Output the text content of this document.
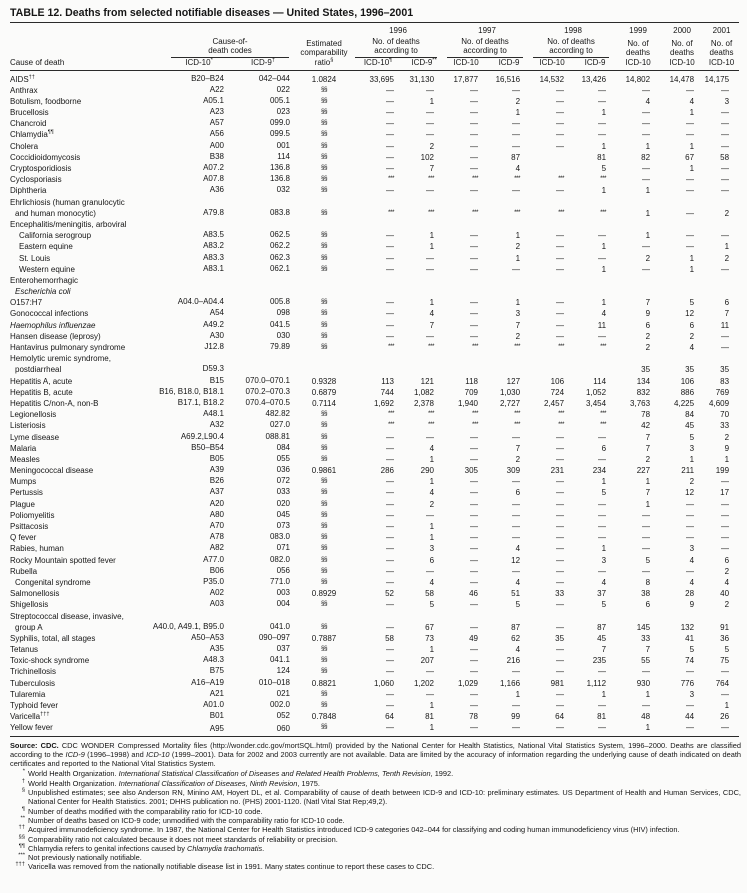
TABLE 12. Deaths from selected notifiable diseases — United States, 1996–2001
				1996		1997		1998		1999	2000	2001

Cause-of-
death codes

Estimated
comparability

No. of deaths
according to

No. of deaths
according to

No. of deaths
according to

No. of
deaths

No. of
deaths

No. of
deaths

Cause of death	ICD-10*	ICD-9†	ratio§	ICD-10¶	ICD-9**	ICD-10	ICD-9	ICD-10	ICD-9	ICD-10	ICD-10	ICD-10

AIDS††	B20–B24	042–044	1.0824	33,695	31,130	17,877	16,516	14,532	13,426	14,802	14,478	14,175

Anthrax	A22	022	§§	—	—	—	—	—	—	—	—	—

Botulism, foodborne	A05.1	005.1	§§	—	1	—	2	—	—	4	4	3

Brucellosis	A23	023	§§	—	—	—	1	—	1	—	1	—

Chancroid	A57	099.0	§§	—	—	—	—	—	—	—	—	—

Chlamydia¶¶	A56	099.5	§§	—	—	—	—	—	—	—	—	—

Cholera	A00	001	§§	—	2	—	—	—	1	1	1	—

Coccidioidomycosis	B38	114	§§	—	102	—	87		81	82	67	58

Cryptosporidiosis	A07.2	136.8	§§	—	7	—	4		5	—	1	—

Cyclosporiasis	A07.8	136.8	§§	***	***	***	***	***	***	—	—	—

Diphtheria	A36	032	§§	—	—	—	—	—	1	1	—	—

Ehrlichiosis (human granulocytic
and human monocytic)	A79.8	083.8	§§	***	***	***	***	***	***	1	—	2

Encephalitis/meningitis, arboviral												

California serogroup	A83.5	062.5	§§	—	1	—	1	—	—	1	—	—

Eastern equine	A83.2	062.2	§§	—	1	—	2	—	1	—	—	1

St. Louis	A83.3	062.3	§§	—	—	—	1	—	—	2	1	2

Western equine	A83.1	062.1	§§	—	—	—	—	—	1	—	1	—

Enterohemorrhagic
Escherichia coli
O157:H7	A04.0–A04.4	005.8	§§	—	1	—	1	—	1	7	5	6

Gonococcal infections	A54	098	§§	—	4	—	3	—	4	9	12	7

Haemophilus influenzae	A49.2	041.5	§§	—	7	—	7	—	11	6	6	11

Hansen disease (leprosy)	A30	030	§§	—	—	—	2	—	—	2	2	—

Hantavirus pulmonary syndrome	J12.8	79.89	§§	***	***	***	***	***	***	2	4	—

Hemolytic uremic syndrome,
postdiarrheal	D59.3									35	35	35

Hepatitis A, acute	B15	070.0–070.1	0.9328	113	121	118	127	106	114	134	106	83

Hepatitis B, acute	B16, B18.0, B18.1	070.2–070.3	0.6879	744	1,082	709	1,030	724	1,052	832	886	769

Hepatitis C/non-A, non-B	B17.1, B18.2	070.4–070.5	0.7114	1,692	2,378	1,940	2,727	2,457	3,454	3,763	4,225	4,609

Legionellosis	A48.1	482.82	§§	***	***	***	***	***	***	78	84	70

Listeriosis	A32	027.0	§§	***	***	***	***	***	***	42	45	33

Lyme disease	A69.2,L90.4	088.81	§§	—	—	—	—	—	—	7	5	2

Malaria	B50–B54	084	§§	—	4	—	7	—	6	7	3	9

Measles	B05	055	§§	—	1	—	2	—	—	2	1	1

Meningococcal disease	A39	036	0.9861	286	290	305	309	231	234	227	211	199

Mumps	B26	072	§§	—	1	—	—	—	1	1	2	—

Pertussis	A37	033	§§	—	4	—	6	—	5	7	12	17

Plague	A20	020	§§	—	2	—	—	—	—	1	—	—

Poliomyelitis	A80	045	§§	—	—	—	—	—	—	—	—	—

Psittacosis	A70	073	§§	—	1	—	—	—	—	—	—	—

Q fever	A78	083.0	§§	—	1	—	—	—	—	—	—	—

Rabies, human	A82	071	§§	—	3	—	4	—	1	—	3	—

Rocky Mountain spotted fever	A77.0	082.0	§§	—	6	—	12	—	3	5	4	6

Rubella	B06	056	§§	—	—	—	—	—	—	—	—	2

Congenital syndrome	P35.0	771.0	§§	—	4	—	4	—	4	8	4	4

Salmonellosis	A02	003	0.8929	52	58	46	51	33	37	38	28	40

Shigellosis	A03	004	§§	—	5	—	5	—	5	6	9	2

Streptococcal disease, invasive,
group A	A40.0, A49.1, B95.0	041.0	§§	—	67	—	87	—	87	145	132	91

Syphilis, total, all stages	A50–A53	090–097	0.7887	58	73	49	62	35	45	33	41	36

Tetanus	A35	037	§§	—	1	—	4	—	7	7	5	5

Toxic-shock syndrome	A48.3	041.1	§§	—	207	—	216	—	235	55	74	75

Trichinellosis	B75	124	§§	—	—	—	—	—	—	—	—	—

Tuberculosis	A16–A19	010–018	0.8821	1,060	1,202	1,029	1,166	981	1,112	930	776	764

Tularemia	A21	021	§§	—	—	—	1	—	1	1	3	—

Typhoid fever	A01.0	002.0	§§	—	1	—	—	—	—	—	—	1

Varicella†††	B01	052	0.7848	64	81	78	99	64	81	48	44	26

Yellow fever	A95	060	§§	—	1	—	—	—	—	1	—	—

Source: CDC. CDC WONDER Compressed Mortality files (http://wonder.cdc.gov/mortSQL.html) provided by the National Center for Health Statistics, National Vital Statistics System, 1996–2000. Deaths are classified according to the ICD-9 (1996–1998) and ICD-10 (1999–2001). Data for 2002 and 2003 currently are not available. Data are limited by the accuracy of information regarding the underlying cause of death indicated on death certificates and reported to the National Vital Statistics System.

* World Health Organization. International Statistical Classification of Diseases and Related Health Problems, Tenth Revision, 1992.
† World Health Organization. International Classification of Diseases, Ninth Revision, 1975.
§ Unpublished estimates; see also Anderson RN, Minino AM, Hoyert DL, et al. Comparability of cause of death between ICD-9 and ICD-10: preliminary estimates. US Department of Health and Human Services, CDC, National Center for Health Statistics. 2001; DHHS publication no. (PHS) 2001-1120. (Natl Vital Stat Rep;49,2).
¶ Number of deaths modified with the comparability ratio for ICD-10 code.
** Number of deaths based on ICD-9 code; unmodified with the comparability ratio for ICD-10 code.
†† Acquired immunodeficiency syndrome. In 1987, the National Center for Health Statistics introduced ICD-9 categories 042–044 for classifying and coding human immunodeficiency virus (HIV) infection.
§§ Comparability ratio not calculated because it does not meet standards of reliability or precision.
¶¶ Chlamydia refers to genital infections caused by Chlamydia trachomatis.
*** Not previously nationally notifiable.
††† Varicella was removed from the nationally notifiable disease list in 1991. Many states continue to report these cases to CDC.
